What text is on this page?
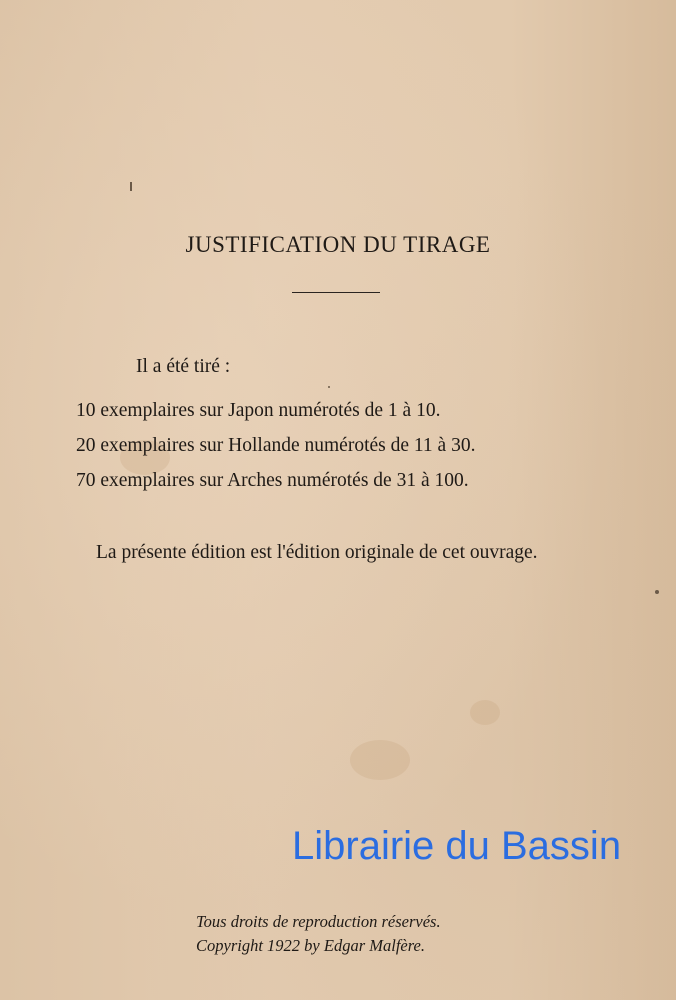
JUSTIFICATION DU TIRAGE

Il a été tiré :

10 exemplaires sur Japon numérotés de 1 à 10.

20 exemplaires sur Hollande numérotés de 11 à 30.

70 exemplaires sur Arches numérotés de 31 à 100.

La présente édition est l'édition originale de cet ouvrage.

Librairie du Bassin

Tous droits de reproduction réservés.

Copyright 1922 by Edgar Malfère.
